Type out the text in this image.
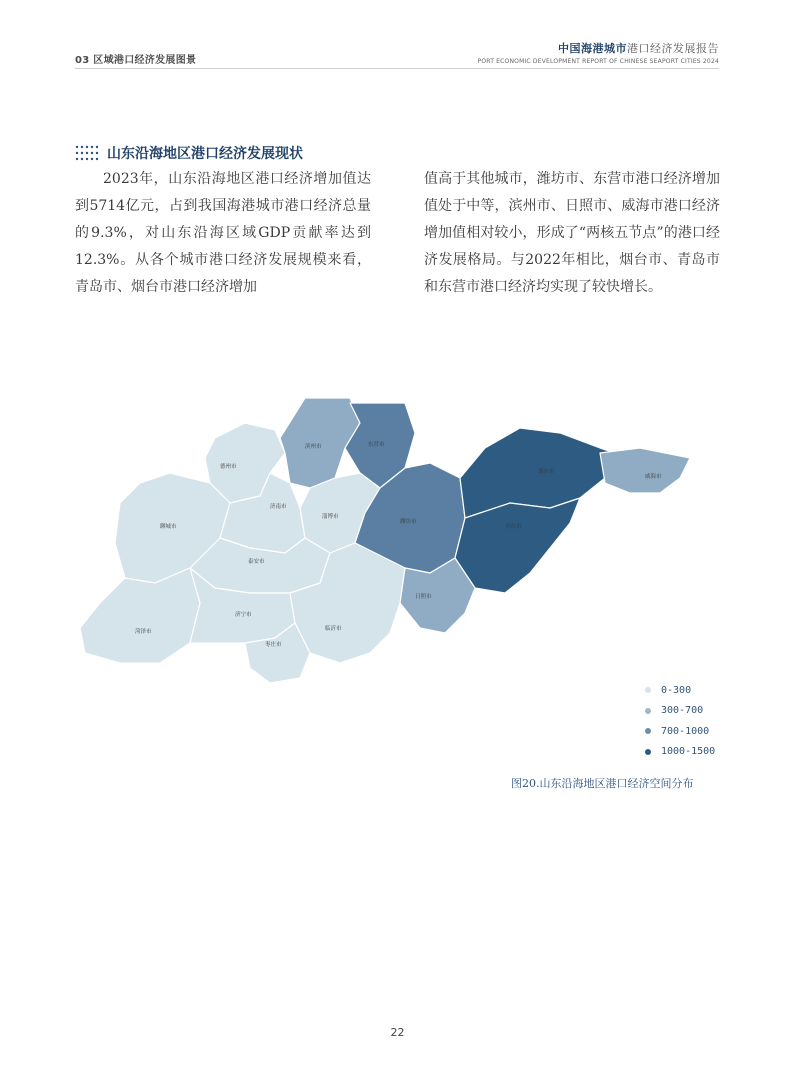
03 区域港口经济发展图景
中国海港城市港口经济发展报告
PORT ECONOMIC DEVELOPMENT REPORT OF CHINESE SEAPORT CITIES 2024
山东沿海地区港口经济发展现状
2023年，山东沿海地区港口经济增加值达到5714亿元，占到我国海港城市港口经济总量的9.3%，对山东沿海区域GDP贡献率达到12.3%。从各个城市港口经济发展规模来看，青岛市、烟台市港口经济增加
值高于其他城市，潍坊市、东营市港口经济增加值处于中等，滨州市、日照市、威海市港口经济增加值相对较小，形成了“两核五节点”的港口经济发展格局。与2022年相比，烟台市、青岛市和东营市港口经济均实现了较快增长。
德州市
滨州市	东营市
烟台市
威海市
济南市
淄博市
潍坊市
青岛市
聊城市
泰安市
日照市
菏泽市
济宁市
临沂市
枣庄市
0-300
300-700
700-1000
1000-1500
图20.山东沿海地区港口经济空间分布
22
